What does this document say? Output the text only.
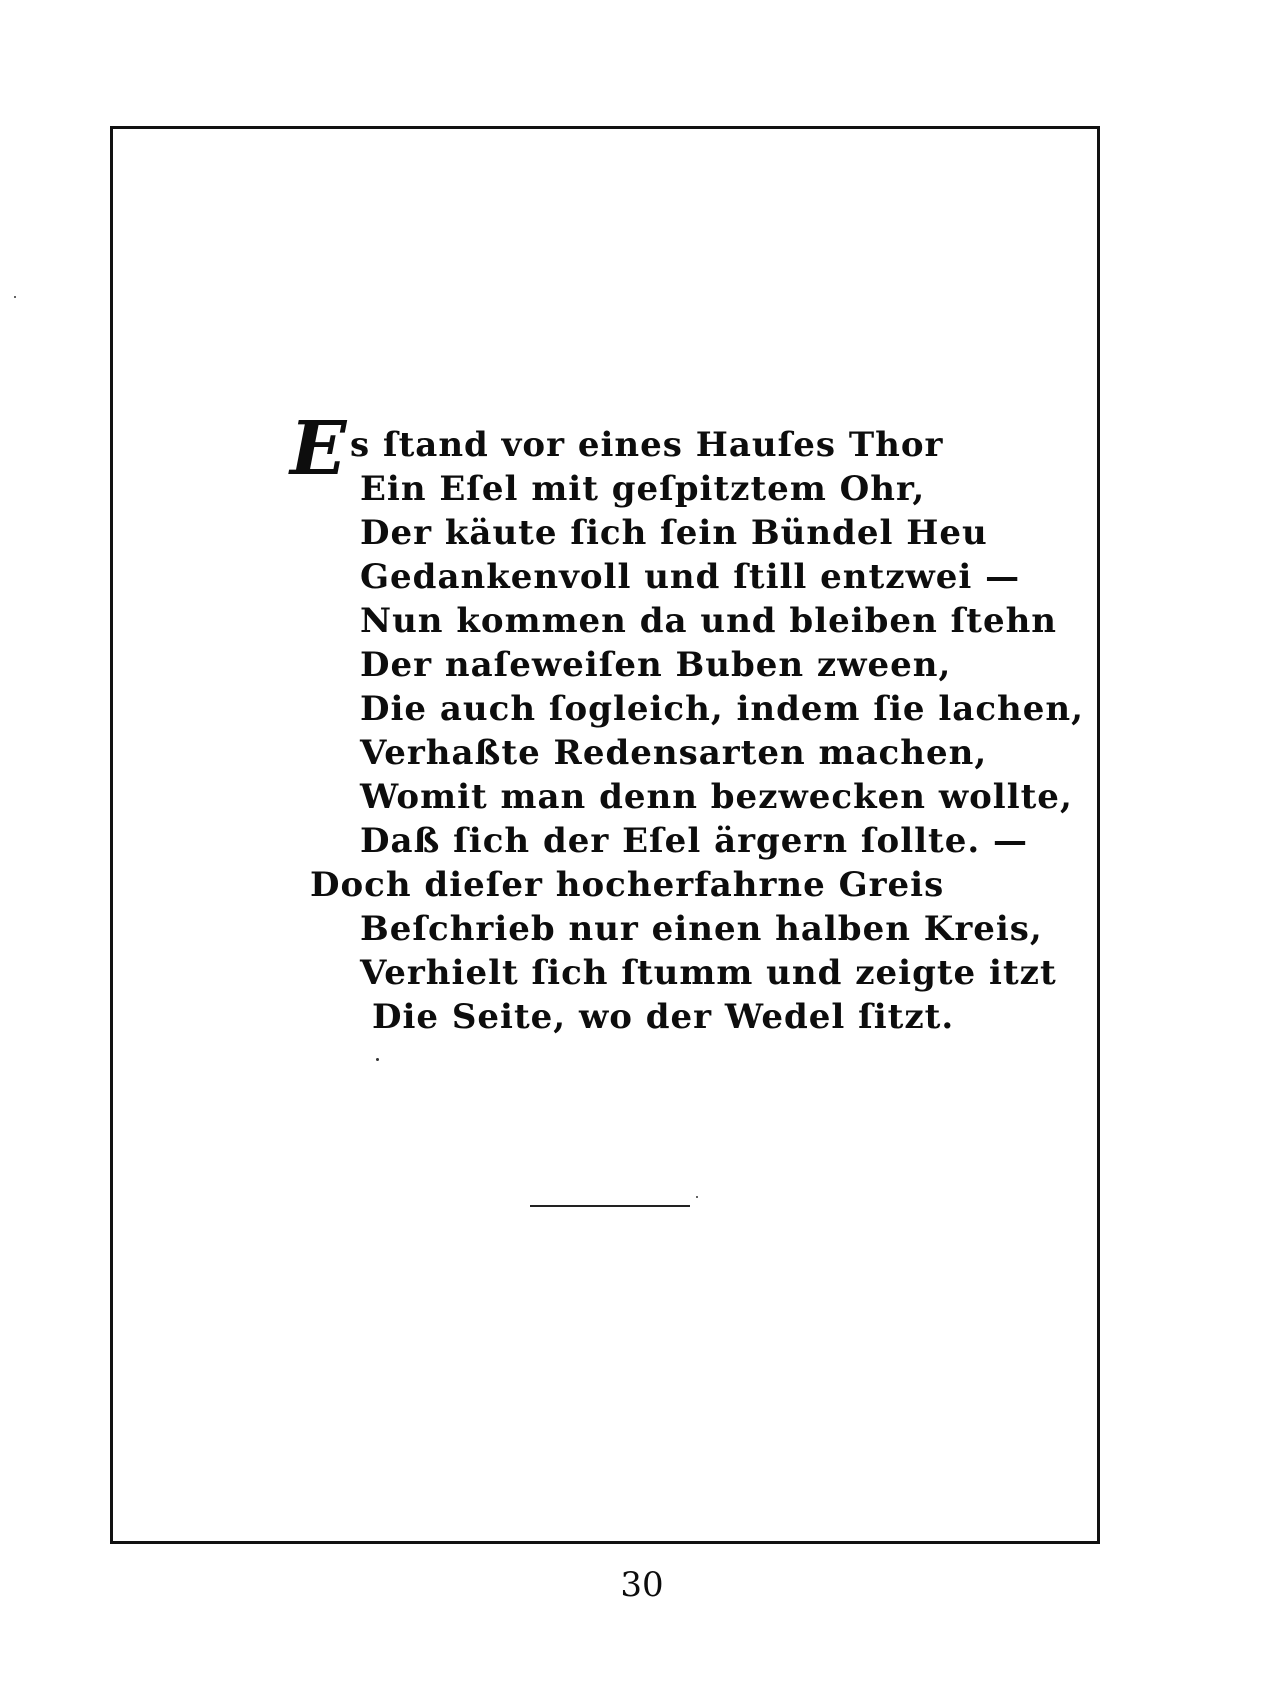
E s ſtand vor eines Hauſes Thor
Ein Eſel mit geſpitztem Ohr,
Der käute ſich ſein Bündel Heu
Gedankenvoll und ſtill entzwei —
Nun kommen da und bleiben ſtehn
Der naſeweiſen Buben zween,
Die auch ſogleich, indem ſie lachen,
Verhaßte Redensarten machen,
Womit man denn bezwecken wollte,
Daß ſich der Eſel ärgern ſollte. —
Doch dieſer hocherfahrne Greis
Beſchrieb nur einen halben Kreis,
Verhielt ſich ſtumm und zeigte itzt
Die Seite, wo der Wedel ſitzt.
30
